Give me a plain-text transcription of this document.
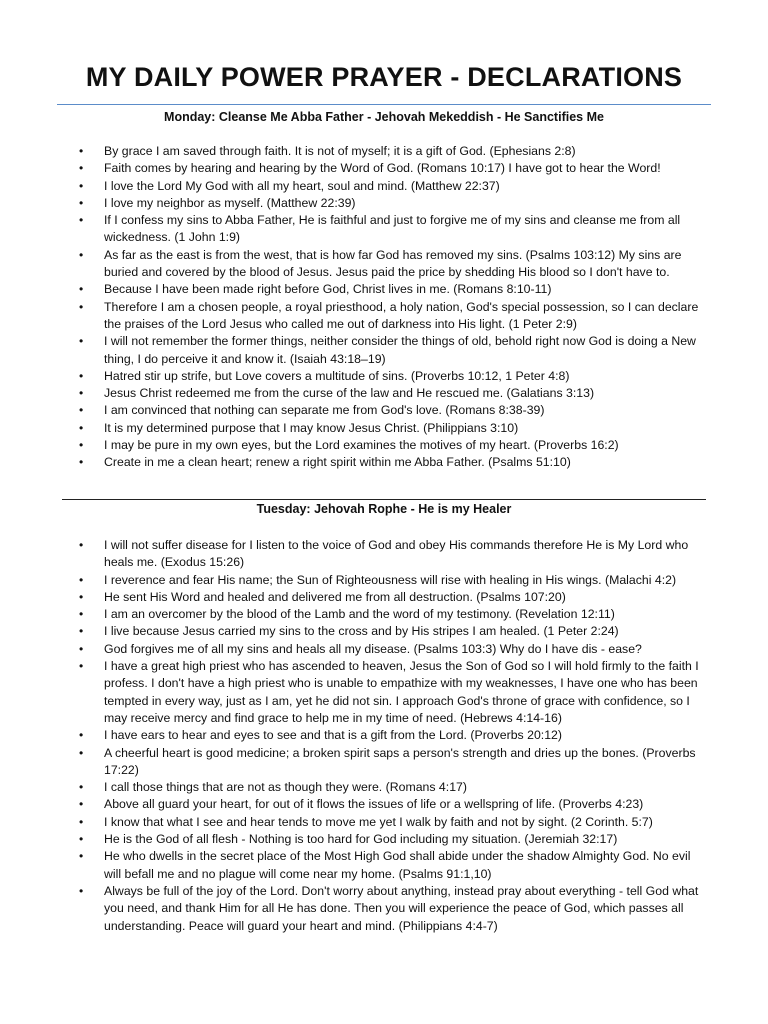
MY DAILY POWER PRAYER - DECLARATIONS
Monday: Cleanse Me Abba Father - Jehovah Mekeddish - He Sanctifies Me
• By grace I am saved through faith. It is not of myself; it is a gift of God. (Ephesians 2:8)
• Faith comes by hearing and hearing by the Word of God. (Romans 10:17) I have got to hear the Word!
• I love the Lord My God with all my heart, soul and mind. (Matthew 22:37)
• I love my neighbor as myself. (Matthew 22:39)
• If I confess my sins to Abba Father, He is faithful and just to forgive me of my sins and cleanse me from all wickedness. (1 John 1:9)
• As far as the east is from the west, that is how far God has removed my sins. (Psalms 103:12) My sins are buried and covered by the blood of Jesus. Jesus paid the price by shedding His blood so I don't have to.
• Because I have been made right before God, Christ lives in me. (Romans 8:10-11)
• Therefore I am a chosen people, a royal priesthood, a holy nation, God's special possession, so I can declare the praises of the Lord Jesus who called me out of darkness into His light. (1 Peter 2:9)
• I will not remember the former things, neither consider the things of old, behold right now God is doing a New thing, I do perceive it and know it. (Isaiah 43:18–19)
• Hatred stir up strife, but Love covers a multitude of sins. (Proverbs 10:12, 1 Peter 4:8)
• Jesus Christ redeemed me from the curse of the law and He rescued me. (Galatians 3:13)
• I am convinced that nothing can separate me from God's love. (Romans 8:38-39)
• It is my determined purpose that I may know Jesus Christ. (Philippians 3:10)
• I may be pure in my own eyes, but the Lord examines the motives of my heart. (Proverbs 16:2)
• Create in me a clean heart; renew a right spirit within me Abba Father. (Psalms 51:10)
Tuesday: Jehovah Rophe - He is my Healer
• I will not suffer disease for I listen to the voice of God and obey His commands therefore He is My Lord who heals me. (Exodus 15:26)
• I reverence and fear His name; the Sun of Righteousness will rise with healing in His wings. (Malachi 4:2)
• He sent His Word and healed and delivered me from all destruction. (Psalms 107:20)
• I am an overcomer by the blood of the Lamb and the word of my testimony. (Revelation 12:11)
• I live because Jesus carried my sins to the cross and by His stripes I am healed. (1 Peter 2:24)
• God forgives me of all my sins and heals all my disease. (Psalms 103:3) Why do I have dis - ease?
• I have a great high priest who has ascended to heaven, Jesus the Son of God so I will hold firmly to the faith I profess. I don't have a high priest who is unable to empathize with my weaknesses, I have one who has been tempted in every way, just as I am, yet he did not sin. I approach God's throne of grace with confidence, so I may receive mercy and find grace to help me in my time of need. (Hebrews 4:14-16)
• I have ears to hear and eyes to see and that is a gift from the Lord. (Proverbs 20:12)
• A cheerful heart is good medicine; a broken spirit saps a person's strength and dries up the bones. (Proverbs 17:22)
• I call those things that are not as though they were. (Romans 4:17)
• Above all guard your heart, for out of it flows the issues of life or a wellspring of life. (Proverbs 4:23)
• I know that what I see and hear tends to move me yet I walk by faith and not by sight. (2 Corinth. 5:7)
• He is the God of all flesh - Nothing is too hard for God including my situation. (Jeremiah 32:17)
• He who dwells in the secret place of the Most High God shall abide under the shadow Almighty God. No evil will befall me and no plague will come near my home. (Psalms 91:1,10)
• Always be full of the joy of the Lord. Don't worry about anything, instead pray about everything - tell God what you need, and thank Him for all He has done. Then you will experience the peace of God, which passes all understanding. Peace will guard your heart and mind. (Philippians 4:4-7)
